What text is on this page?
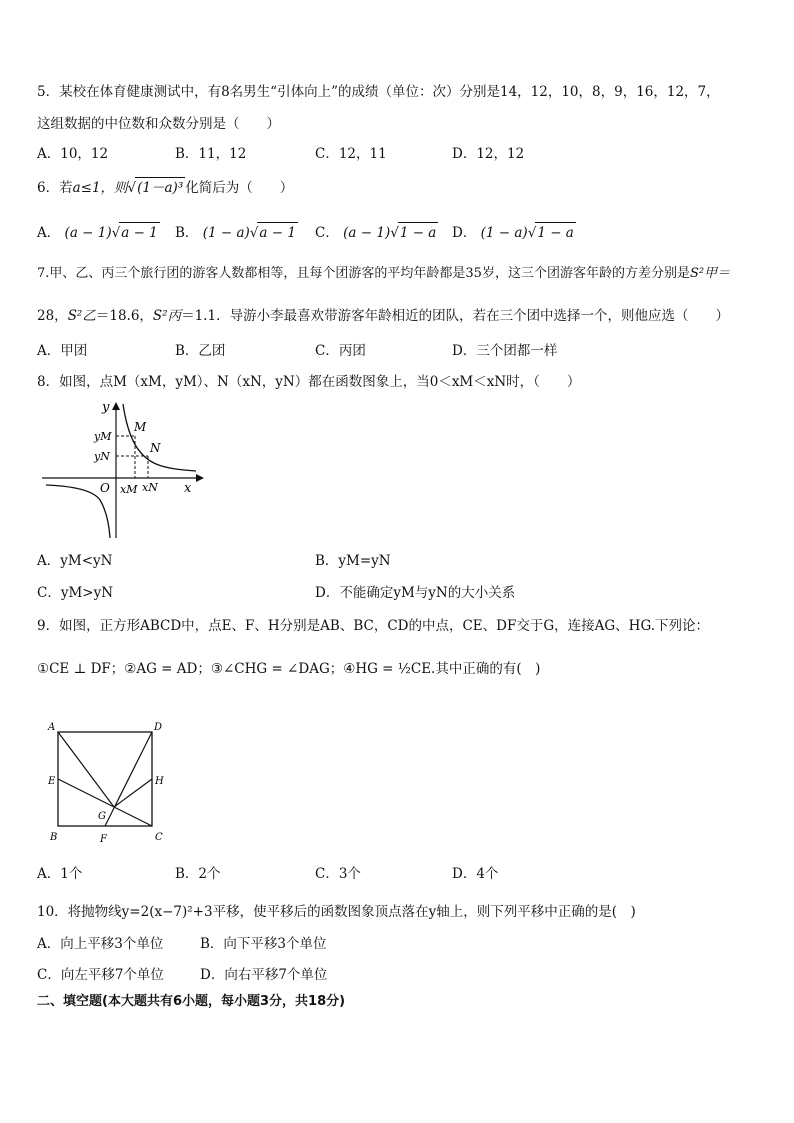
5．某校在体育健康测试中，有8名男生“引体向上”的成绩（单位：次）分别是14，12，10，8，9，16，12，7，
这组数据的中位数和众数分别是（　　）
A．10，12	B．11，12	C．12，11	D．12，12
6．若a≤1，则√(1－a)³ 化简后为（　　）
A． (a − 1)√a − 1 B． (1 − a)√a − 1 C． (a − 1)√1 − a D． (1 − a)√1 − a
7.甲、乙、丙三个旅行团的游客人数都相等，且每个团游客的平均年龄都是35岁，这三个团游客年龄的方差分别是S²甲＝
28，S²乙＝18.6，S²丙＝1.1．导游小李最喜欢带游客年龄相近的团队，若在三个团中选择一个，则他应选（　　）
A．甲团	B．乙团	C．丙团	D．三个团都一样
8．如图，点M（xM，yM）、N（xN，yN）都在函数图象上，当0＜xM＜xN时，（　　）
y
x
O
M
N
yM
yN
xM xN
A．yM<yN	B．yM=yN
C．yM>yN	D．不能确定yM与yN的大小关系
9．如图，正方形ABCD中，点E、F、H分别是AB、BC，CD的中点，CE、DF交于G，连接AG、HG.下列论：
①CE ⊥ DF；②AG = AD；③∠CHG = ∠DAG；④HG = ½CE.其中正确的有(　)
A	D
E	H
B	C
F
G
A．1个	B．2个	C．3个	D．4个
10．将抛物线y=2(x−7)²+3平移，使平移后的函数图象顶点落在y轴上，则下列平移中正确的是(　)
A．向上平移3个单位	B．向下平移3个单位
C．向左平移7个单位	D．向右平移7个单位
二、填空题(本大题共有6小题，每小题3分，共18分)
